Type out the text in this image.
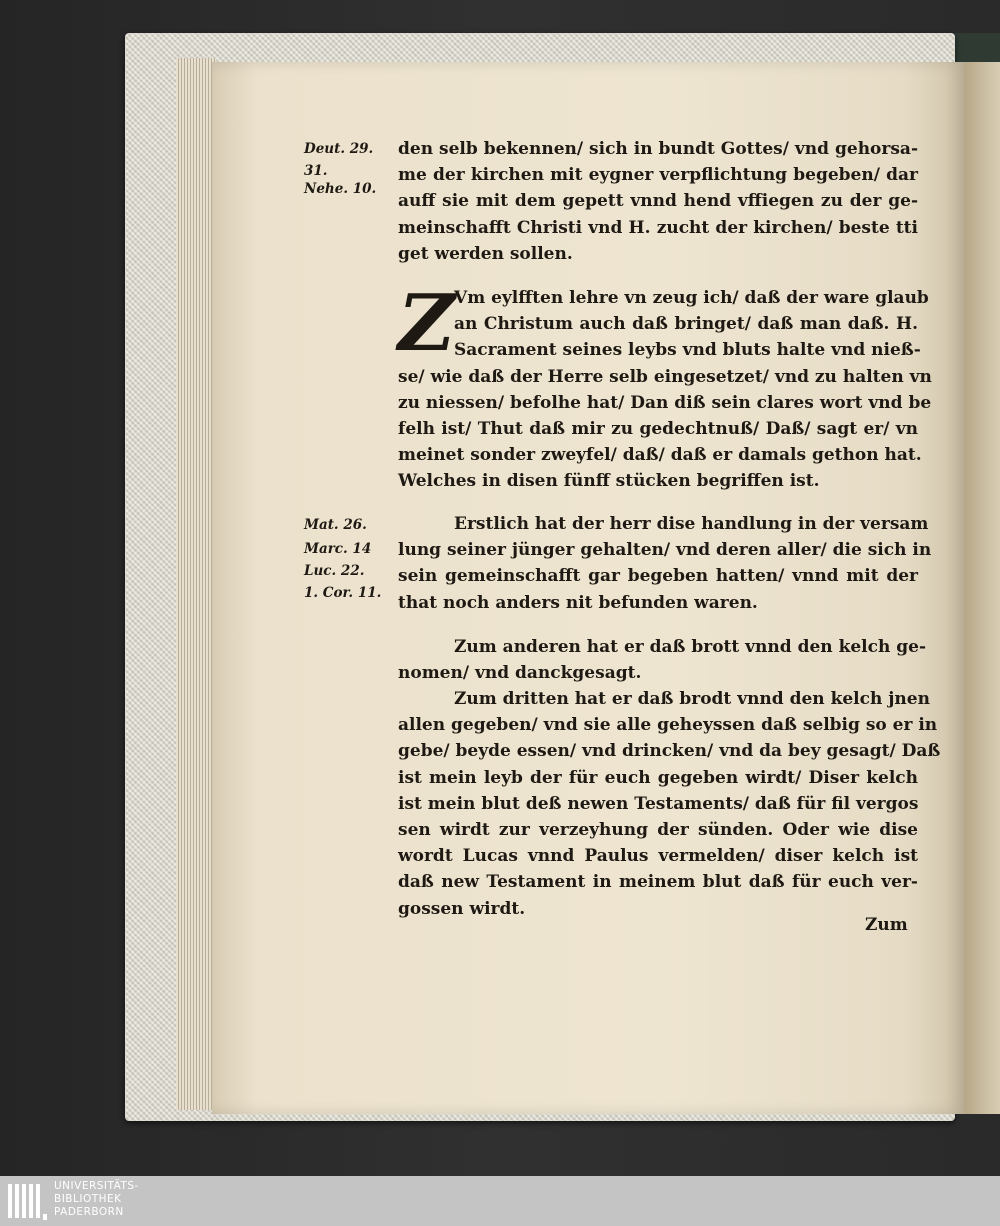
Deut. 29.
31.
Nehe. 10.
den selb bekennen/ sich in bundt Gottes/ vnd gehorsa-
me der kirchen mit eygner verpflichtung begeben/ dar
auff sie mit dem gepett vnnd hend vffiegen zu der ge-
meinschafft Christi vnd H. zucht der kirchen/ beste tti
get werden sollen.
Z Vm eylfften lehre vn zeug ich/ daß der ware glaub
an Christum auch daß bringet/ daß man daß. H.
Sacrament seines leybs vnd bluts halte vnd nieß-
se/ wie daß der Herre selb eingesetzet/ vnd zu halten vn
zu niessen/ befolhe hat/ Dan diß sein clares wort vnd be
felh ist/ Thut daß mir zu gedechtnuß/ Daß/ sagt er/ vn
meinet sonder zweyfel/ daß/ daß er damals gethon hat.
Welches in disen fünff stücken begriffen ist.
Mat. 26.
Marc. 14
Luc. 22.
1. Cor. 11.
Erstlich hat der herr dise handlung in der versam
lung seiner jünger gehalten/ vnd deren aller/ die sich in
sein gemeinschafft gar begeben hatten/ vnnd mit der
that noch anders nit befunden waren.
Zum anderen hat er daß brott vnnd den kelch ge-
nomen/ vnd danckgesagt.
Zum dritten hat er daß brodt vnnd den kelch jnen
allen gegeben/ vnd sie alle geheyssen daß selbig so er in
gebe/ beyde essen/ vnd drincken/ vnd da bey gesagt/ Daß
ist mein leyb der für euch gegeben wirdt/ Diser kelch
ist mein blut deß newen Testaments/ daß für fil vergos
sen wirdt zur verzeyhung der sünden. Oder wie dise
wordt Lucas vnnd Paulus vermelden/ diser kelch ist
daß new Testament in meinem blut daß für euch ver-
gossen wirdt.
Zum
UNIVERSITÄTS-
BIBLIOTHEK
PADERBORN
